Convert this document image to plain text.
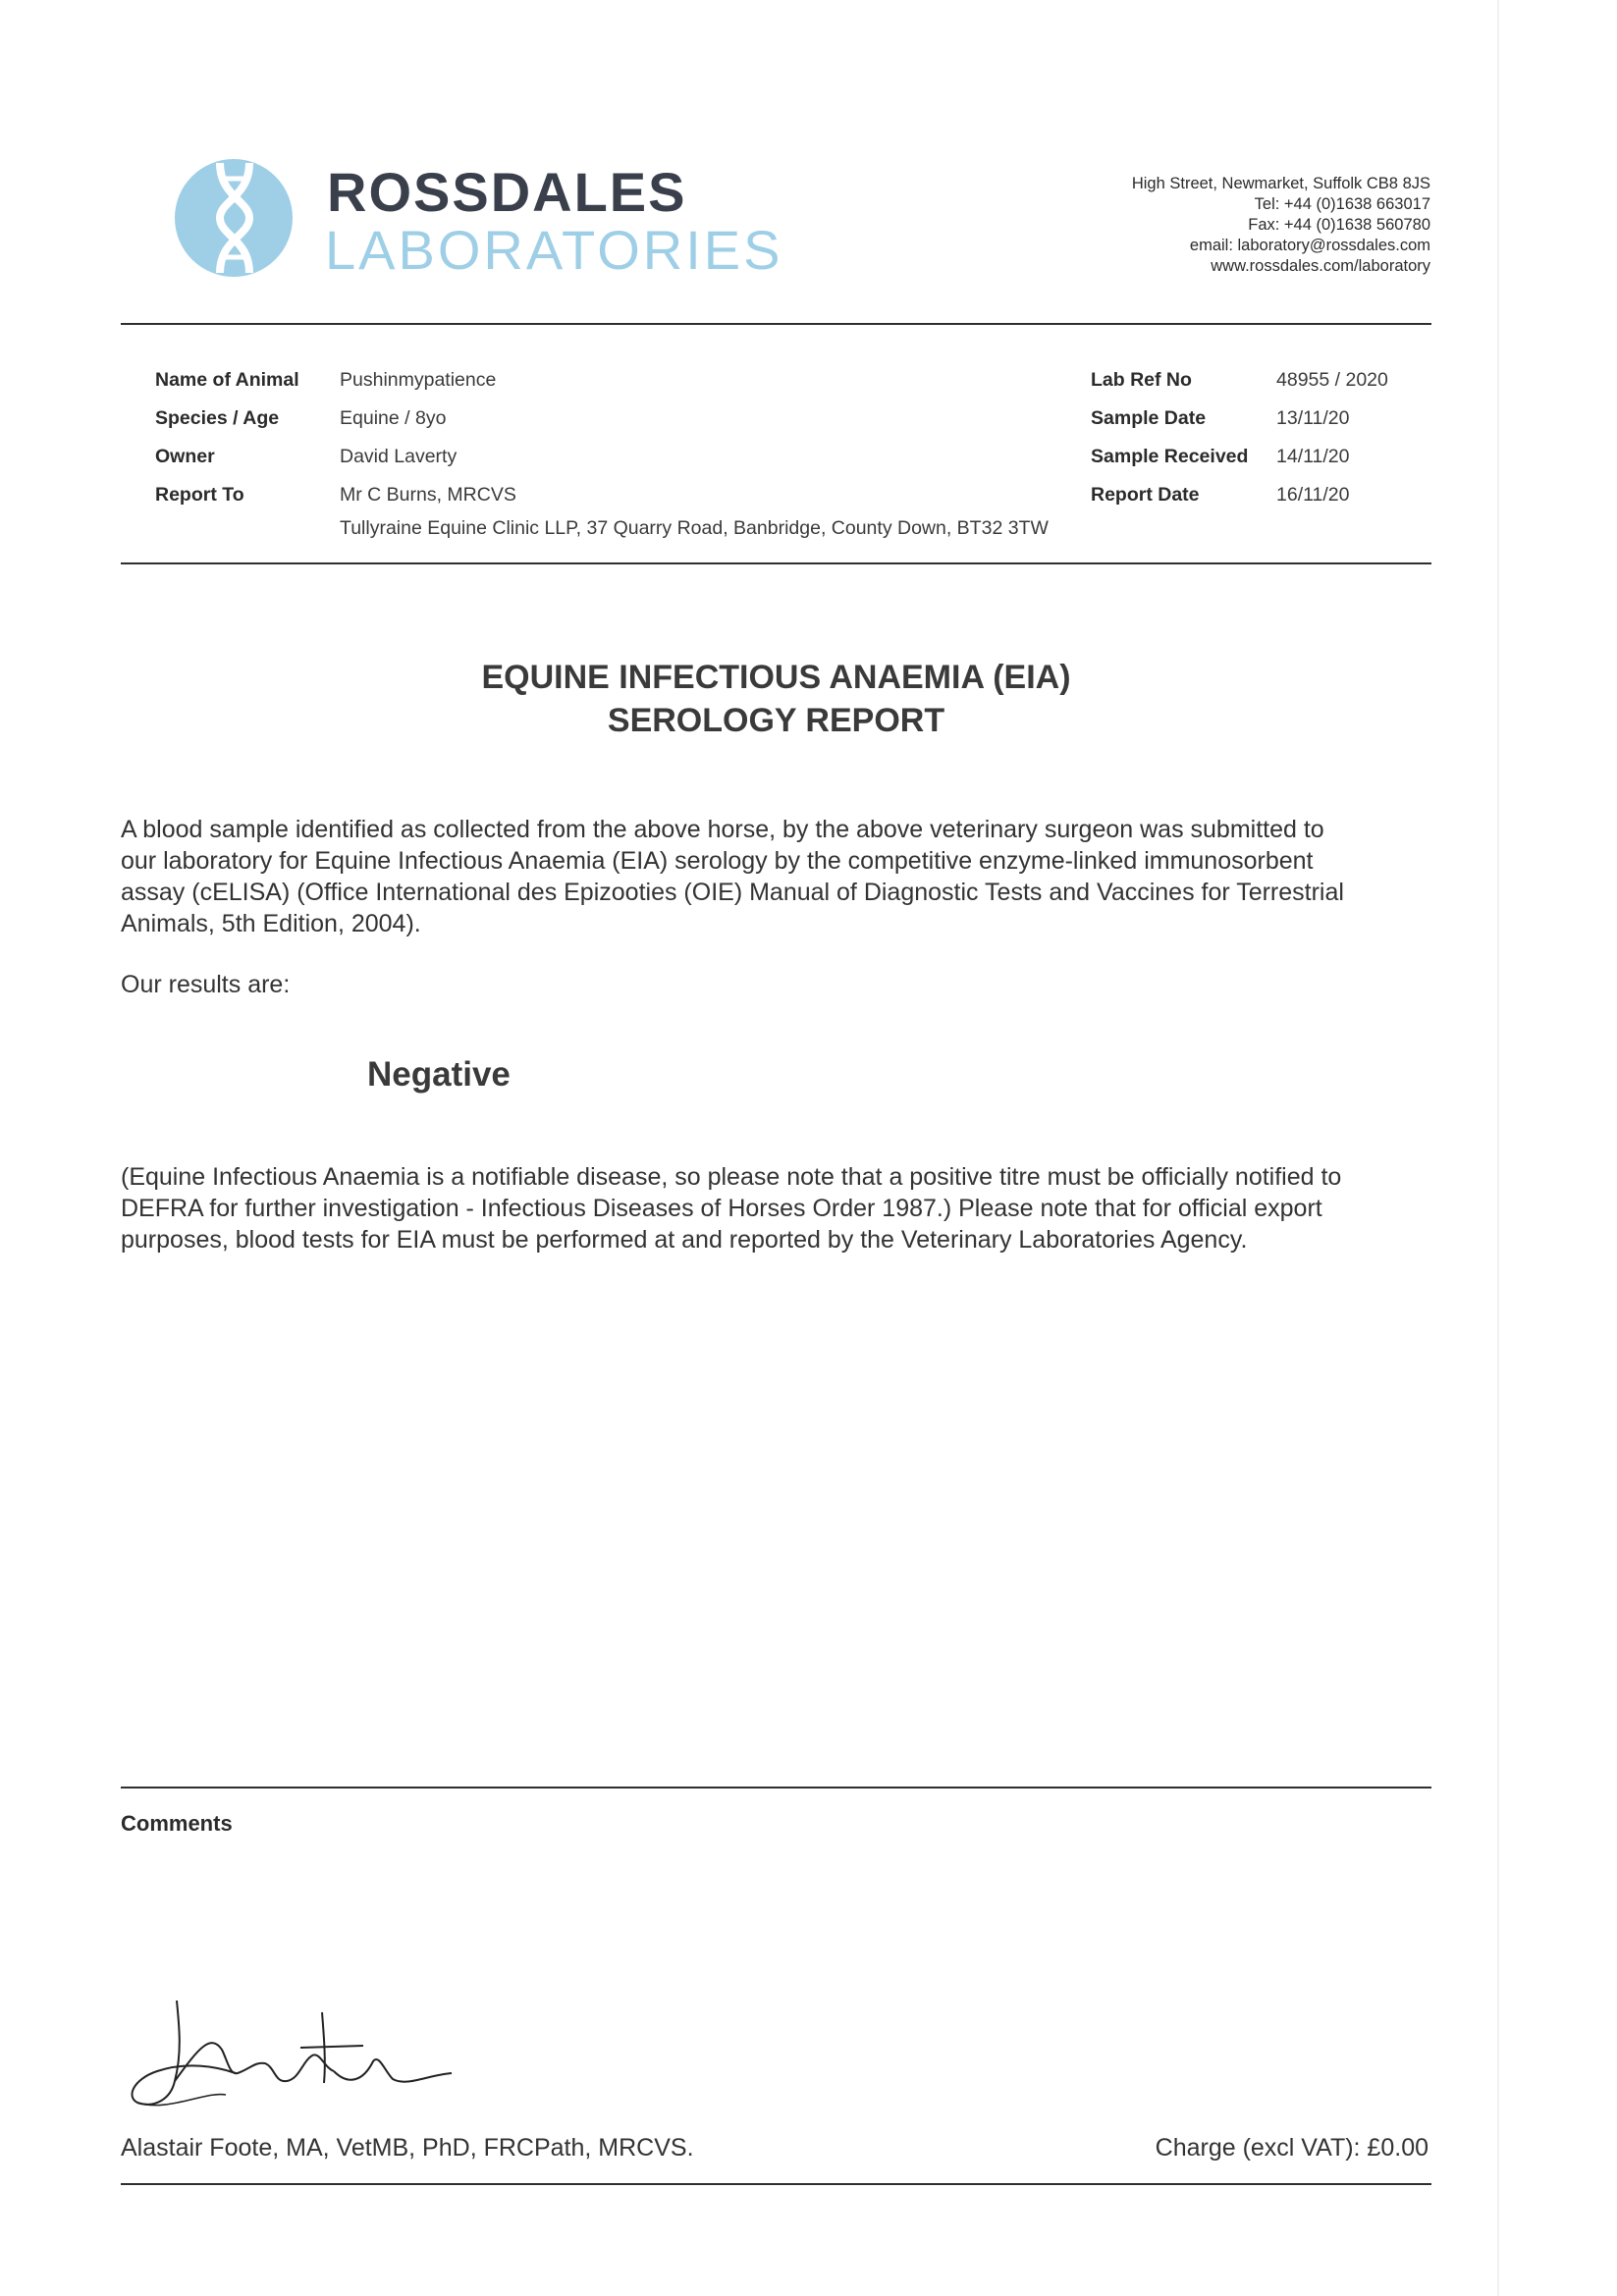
ROSSDALES
LABORATORIES
High Street, Newmarket, Suffolk CB8 8JS
Tel: +44 (0)1638 663017
Fax: +44 (0)1638 560780
email: laboratory@rossdales.com
www.rossdales.com/laboratory
Name of Animal
Species / Age
Owner
Report To
Pushinmypatience
Equine / 8yo
David Laverty
Mr C Burns, MRCVS
Tullyraine Equine Clinic LLP, 37 Quarry Road, Banbridge, County Down, BT32 3TW
Lab Ref No
Sample Date
Sample Received
Report Date
48955 / 2020
13/11/20
14/11/20
16/11/20
EQUINE INFECTIOUS ANAEMIA (EIA)
SEROLOGY REPORT
A blood sample identified as collected from the above horse, by the above veterinary surgeon was submitted to
our laboratory for Equine Infectious Anaemia (EIA) serology by the competitive enzyme-linked immunosorbent
assay (cELISA) (Office International des Epizooties (OIE) Manual of Diagnostic Tests and Vaccines for Terrestrial
Animals, 5th Edition, 2004).
Our results are:
Negative
(Equine Infectious Anaemia is a notifiable disease, so please note that a positive titre must be officially notified to
DEFRA for further investigation - Infectious Diseases of Horses Order 1987.) Please note that for official export
purposes, blood tests for EIA must be performed at and reported by the Veterinary Laboratories Agency.
Comments
Alastair Foote, MA, VetMB, PhD, FRCPath, MRCVS.	Charge (excl VAT): £0.00
